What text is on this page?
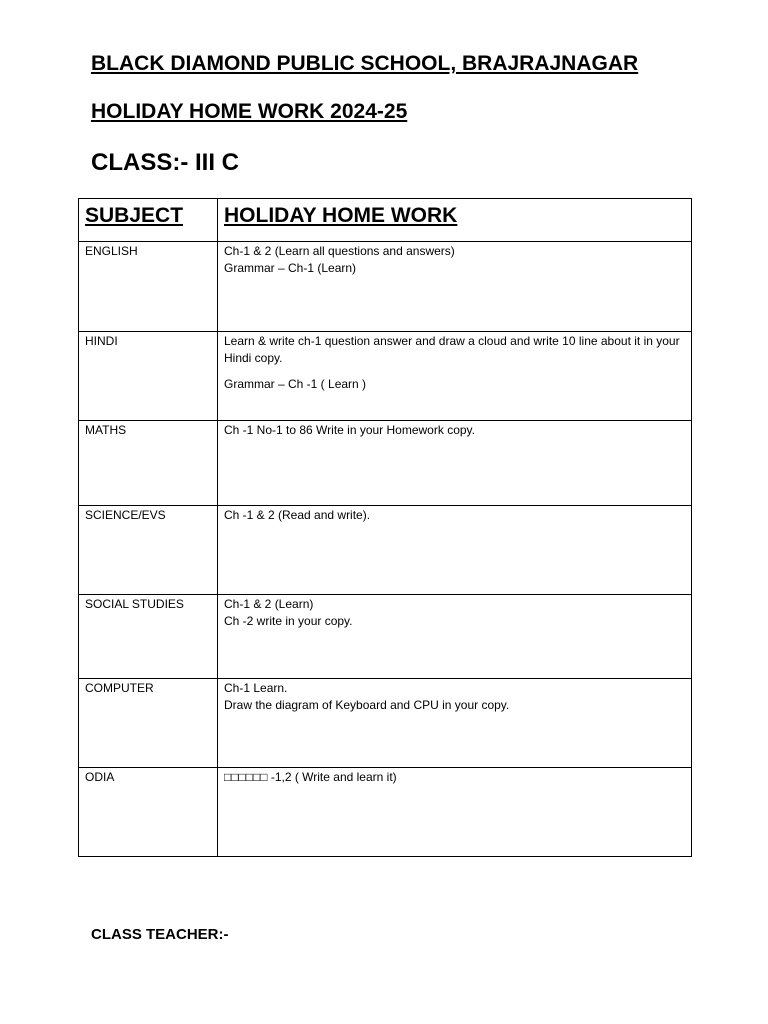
BLACK DIAMOND PUBLIC SCHOOL, BRAJRAJNAGAR
HOLIDAY HOME WORK 2024-25
CLASS:- III C
SUBJECT	HOLIDAY HOME WORK
ENGLISH	Ch-1 & 2 (Learn all questions and answers)
Grammar – Ch-1 (Learn)

HINDI	Learn & write ch-1 question answer and draw a cloud and write 10 line about it in your Hindi copy.
Grammar – Ch -1 ( Learn )

MATHS	Ch -1 No-1 to 86 Write in your Homework copy.

SCIENCE/EVS	Ch -1 & 2 (Read and write).

SOCIAL STUDIES	Ch-1 & 2 (Learn)
Ch -2 write in your copy.

COMPUTER	Ch-1 Learn.
Draw the diagram of Keyboard and CPU in your copy.

ODIA	□□□□□□ -1,2 ( Write and learn it)

CLASS TEACHER:-
